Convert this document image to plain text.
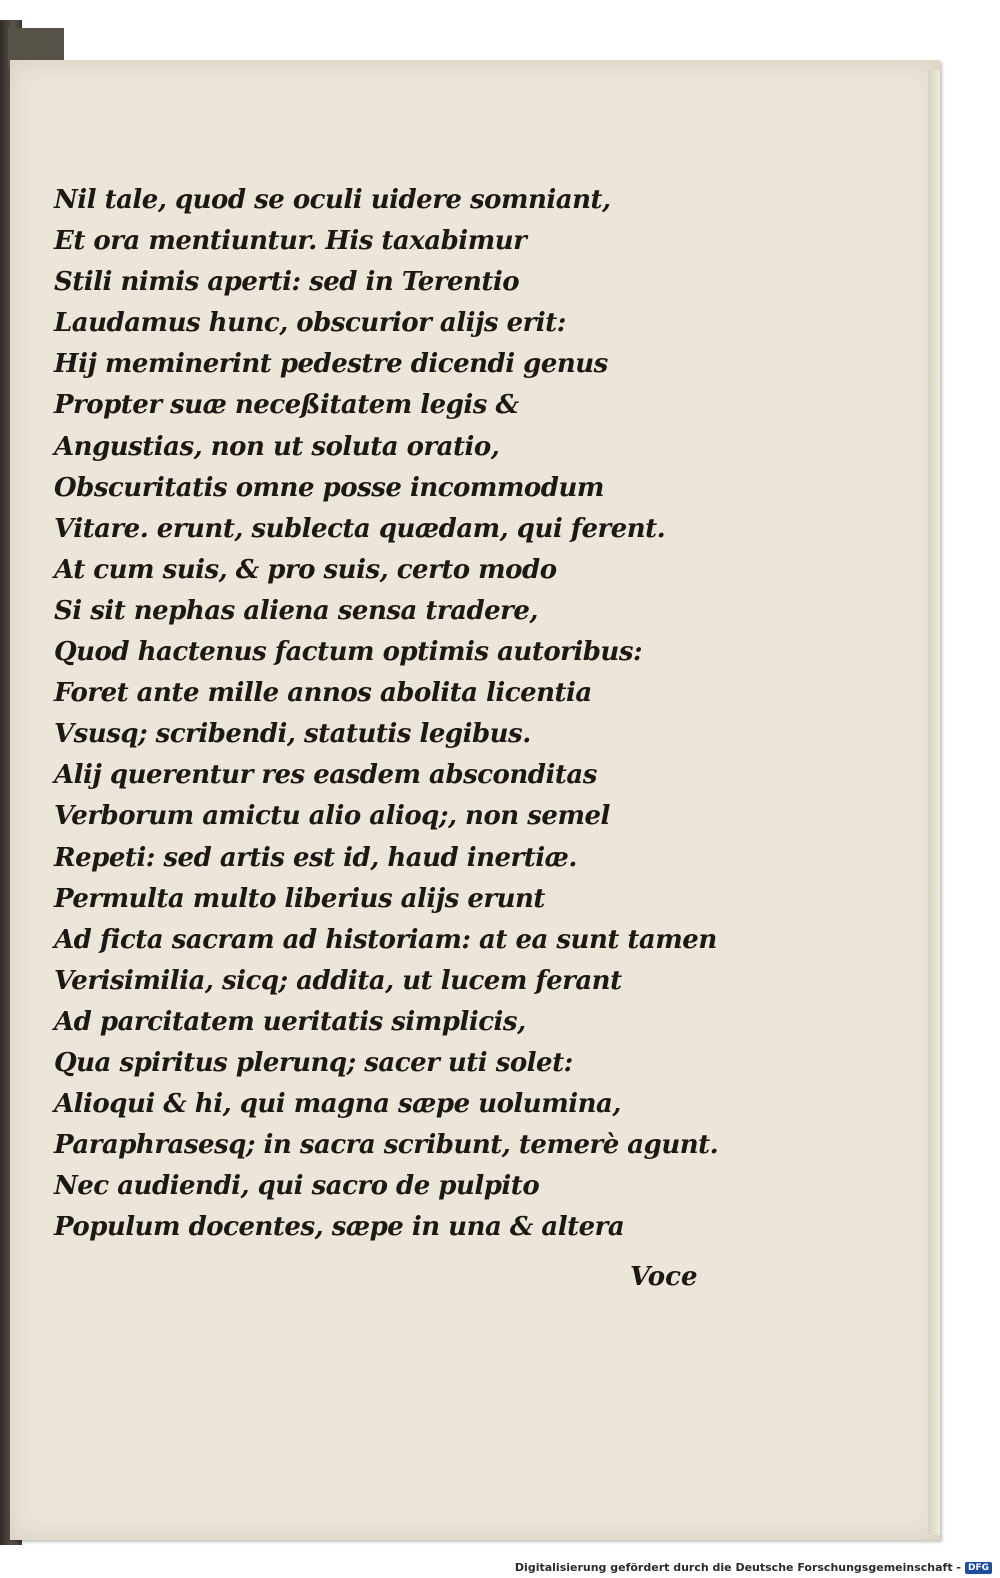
Nil tale, quod se oculi uidere somniant,
Et ora mentiuntur. His taxabimur
Stili nimis aperti: sed in Terentio
Laudamus hunc, obscurior alijs erit:
Hij meminerint pedestre dicendi genus
Propter suæ neceßitatem legis &
Angustias, non ut soluta oratio,
Obscuritatis omne posse incommodum
Vitare. erunt, sublecta quædam, qui ferent.
At cum suis, & pro suis, certo modo
Si sit nephas aliena sensa tradere,
Quod hactenus factum optimis autoribus:
Foret ante mille annos abolita licentia
Vsusq; scribendi, statutis legibus.
Alij querentur res easdem absconditas
Verborum amictu alio alioq;, non semel
Repeti: sed artis est id, haud inertiæ.
Permulta multo liberius alijs erunt
Ad ficta sacram ad historiam: at ea sunt tamen
Verisimilia, sicq; addita, ut lucem ferant
Ad parcitatem ueritatis simplicis,
Qua spiritus plerunq; sacer uti solet:
Alioqui & hi, qui magna sæpe uolumina,
Paraphrasesq; in sacra scribunt, temerè agunt.
Nec audiendi, qui sacro de pulpito
Populum docentes, sæpe in una & altera
Voce
Digitalisierung gefördert durch die Deutsche Forschungsgemeinschaft - DFG
